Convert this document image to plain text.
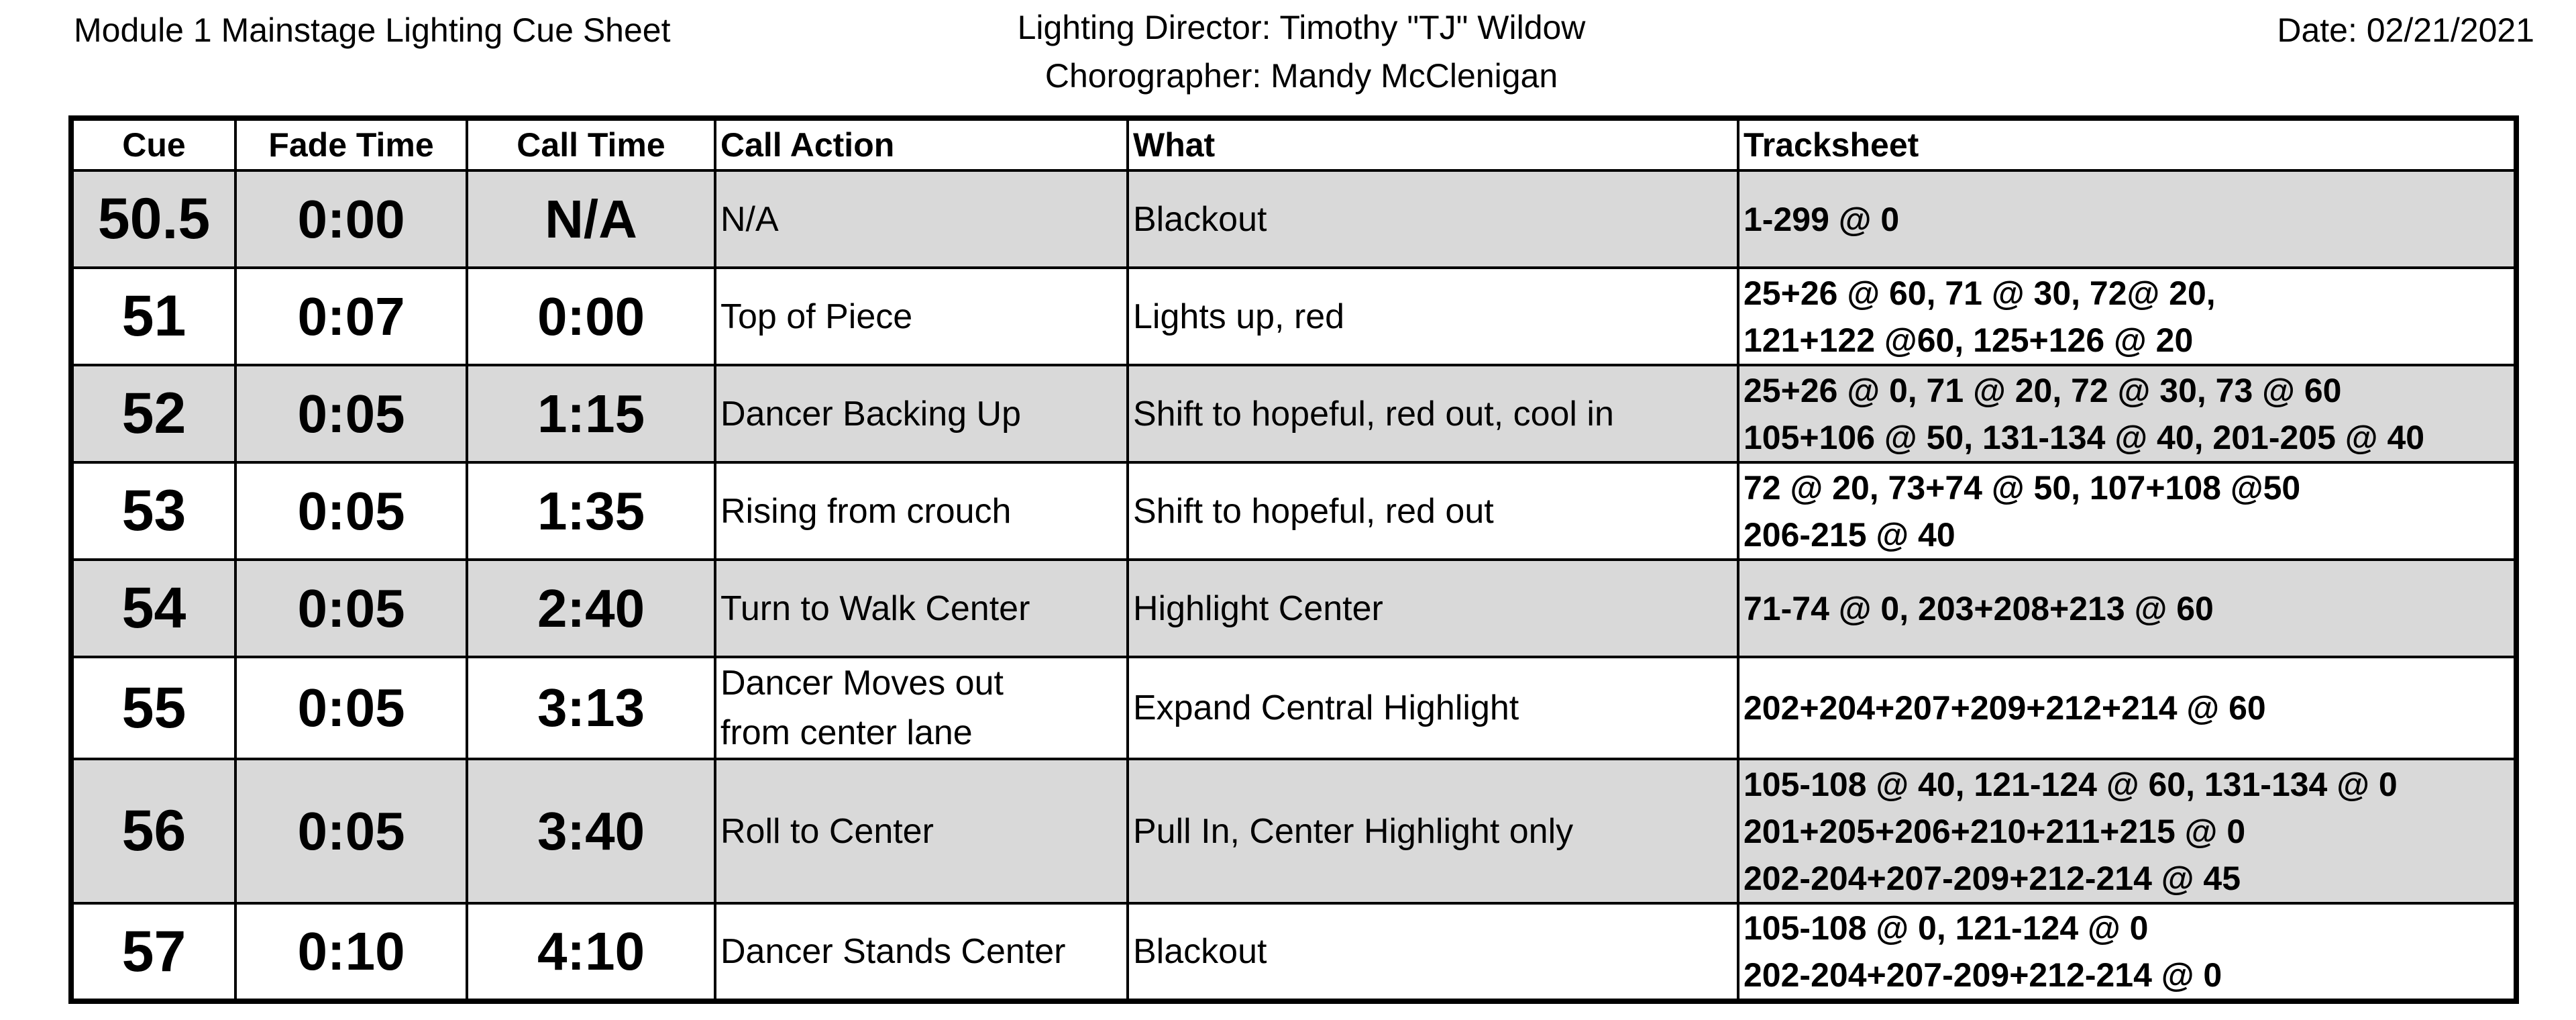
Module 1 Mainstage Lighting Cue Sheet	Lighting Director: Timothy "TJ" Wildow
Chorographer: Mandy McClenigan
Date: 02/21/2021
Cue	Fade Time	Call Time	Call Action	What	Tracksheet
50.5	0:00	N/A	N/A	Blackout	1-299 @ 0

51	0:07	0:00	Top of Piece	Lights up, red	25+26 @ 60, 71 @ 30, 72@ 20,
121+122 @60, 125+126 @ 20

52	0:05	1:15	Dancer Backing Up	Shift to hopeful, red out, cool in	25+26 @ 0, 71 @ 20, 72 @ 30, 73 @ 60
105+106 @ 50, 131-134 @ 40, 201-205 @ 40

53	0:05	1:35	Rising from crouch	Shift to hopeful, red out	72 @ 20, 73+74 @ 50, 107+108 @50
206-215 @ 40

54	0:05	2:40	Turn to Walk Center	Highlight Center	71-74 @ 0, 203+208+213 @ 60

55	0:05	3:13	Dancer Moves out
from center lane	Expand Central Highlight	202+204+207+209+212+214 @ 60

56	0:05	3:40	Roll to Center	Pull In, Center Highlight only	105-108 @ 40, 121-124 @ 60, 131-134 @ 0
201+205+206+210+211+215 @ 0
202-204+207-209+212-214 @ 45

57	0:10	4:10	Dancer Stands Center	Blackout	105-108 @ 0, 121-124 @ 0
202-204+207-209+212-214 @ 0
